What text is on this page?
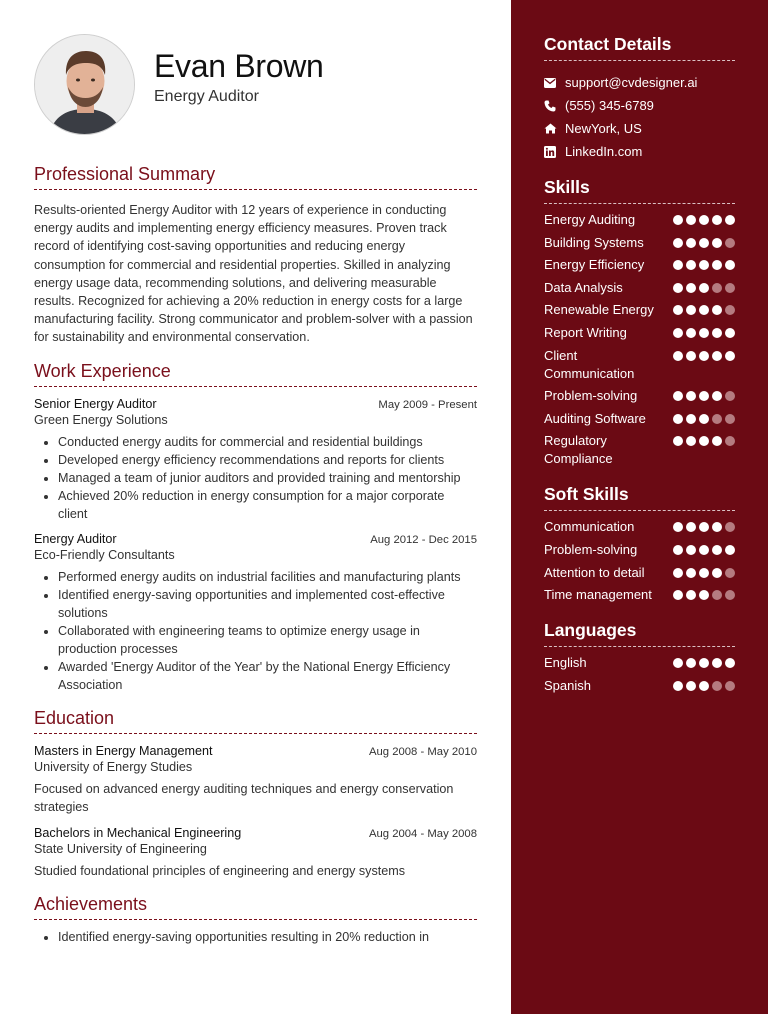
Evan Brown
Energy Auditor
Professional Summary

Results-oriented Energy Auditor with 12 years of experience in conducting energy audits and implementing energy efficiency measures. Proven track record of identifying cost-saving opportunities and reducing energy consumption for commercial and residential properties. Skilled in analyzing energy usage data, recommending solutions, and delivering measurable results. Recognized for achieving a 20% reduction in energy costs for a large manufacturing facility. Strong communicator and problem-solver with a passion for sustainability and environmental conservation.

Work Experience
Senior Energy Auditor	May 2009 - Present
Green Energy Solutions
• Conducted energy audits for commercial and residential buildings
• Developed energy efficiency recommendations and reports for clients
• Managed a team of junior auditors and provided training and mentorship
• Achieved 20% reduction in energy consumption for a major corporate client
Energy Auditor	Aug 2012 - Dec 2015
Eco-Friendly Consultants
• Performed energy audits on industrial facilities and manufacturing plants
• Identified energy-saving opportunities and implemented cost-effective solutions
• Collaborated with engineering teams to optimize energy usage in production processes
• Awarded 'Energy Auditor of the Year' by the National Energy Efficiency Association
Education
Masters in Energy Management	Aug 2008 - May 2010
University of Energy Studies
Focused on advanced energy auditing techniques and energy conservation strategies
Bachelors in Mechanical Engineering	Aug 2004 - May 2008
State University of Engineering
Studied foundational principles of engineering and energy systems
Achievements
• Identified energy-saving opportunities resulting in 20% reduction in
Contact Details
support@cvdesigner.ai
(555) 345-6789
NewYork, US
LinkedIn.com
Skills
Energy Auditing
Building Systems
Energy Efficiency
Data Analysis
Renewable Energy
Report Writing
Client Communication
Problem-solving
Auditing Software
Regulatory Compliance
Soft Skills
Communication
Problem-solving
Attention to detail
Time management
Languages
English
Spanish
